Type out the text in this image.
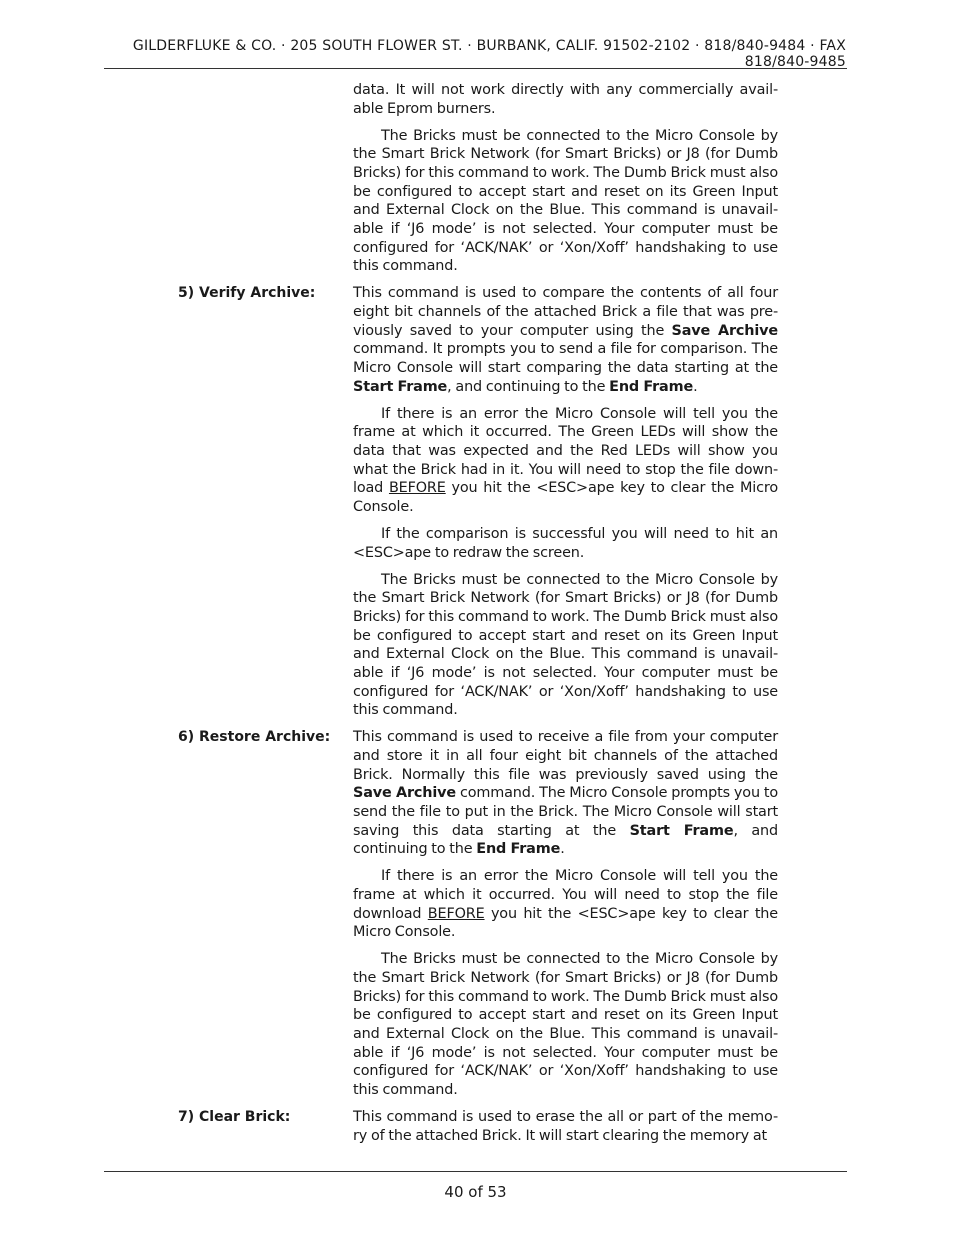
GILDERFLUKE & CO. · 205 SOUTH FLOWER ST. · BURBANK, CALIF. 91502-2102 · 818/840-9484 · FAX 818/840-9485

data. It will not work directly with any commercially avail-able Eprom burners.

The Bricks must be connected to the Micro Console by the Smart Brick Network (for Smart Bricks) or J8 (for Dumb Bricks) for this command to work. The Dumb Brick must also be configured to accept start and reset on its Green Input and External Clock on the Blue. This command is unavail-able if ‘J6 mode’ is not selected. Your computer must be configured for ‘ACK/NAK’ or ‘Xon/Xoff’ handshaking to use this command.

5) Verify Archive:	This command is used to compare the contents of all four eight bit channels of the attached Brick a file that was pre-viously saved to your computer using the Save Archive command. It prompts you to send a file for comparison. The Micro Console will start comparing the data starting at the Start Frame, and continuing to the End Frame.

If there is an error the Micro Console will tell you the frame at which it occurred. The Green LEDs will show the data that was expected and the Red LEDs will show you what the Brick had in it. You will need to stop the file down-load BEFORE you hit the <ESC>ape key to clear the Micro Console.

If the comparison is successful you will need to hit an <ESC>ape to redraw the screen.

The Bricks must be connected to the Micro Console by the Smart Brick Network (for Smart Bricks) or J8 (for Dumb Bricks) for this command to work. The Dumb Brick must also be configured to accept start and reset on its Green Input and External Clock on the Blue. This command is unavail-able if ‘J6 mode’ is not selected. Your computer must be configured for ‘ACK/NAK’ or ‘Xon/Xoff’ handshaking to use this command.

6) Restore Archive:	This command is used to receive a file from your computer and store it in all four eight bit channels of the attached Brick. Normally this file was previously saved using the Save Archive command. The Micro Console prompts you to send the file to put in the Brick. The Micro Console will start saving this data starting at the Start Frame, and continuing to the End Frame.

If there is an error the Micro Console will tell you the frame at which it occurred. You will need to stop the file download BEFORE you hit the <ESC>ape key to clear the Micro Console.

The Bricks must be connected to the Micro Console by the Smart Brick Network (for Smart Bricks) or J8 (for Dumb Bricks) for this command to work. The Dumb Brick must also be configured to accept start and reset on its Green Input and External Clock on the Blue. This command is unavail-able if ‘J6 mode’ is not selected. Your computer must be configured for ‘ACK/NAK’ or ‘Xon/Xoff’ handshaking to use this command.

7) Clear Brick:	This command is used to erase the all or part of the memo-ry of the attached Brick. It will start clearing the memory at

40 of 53
